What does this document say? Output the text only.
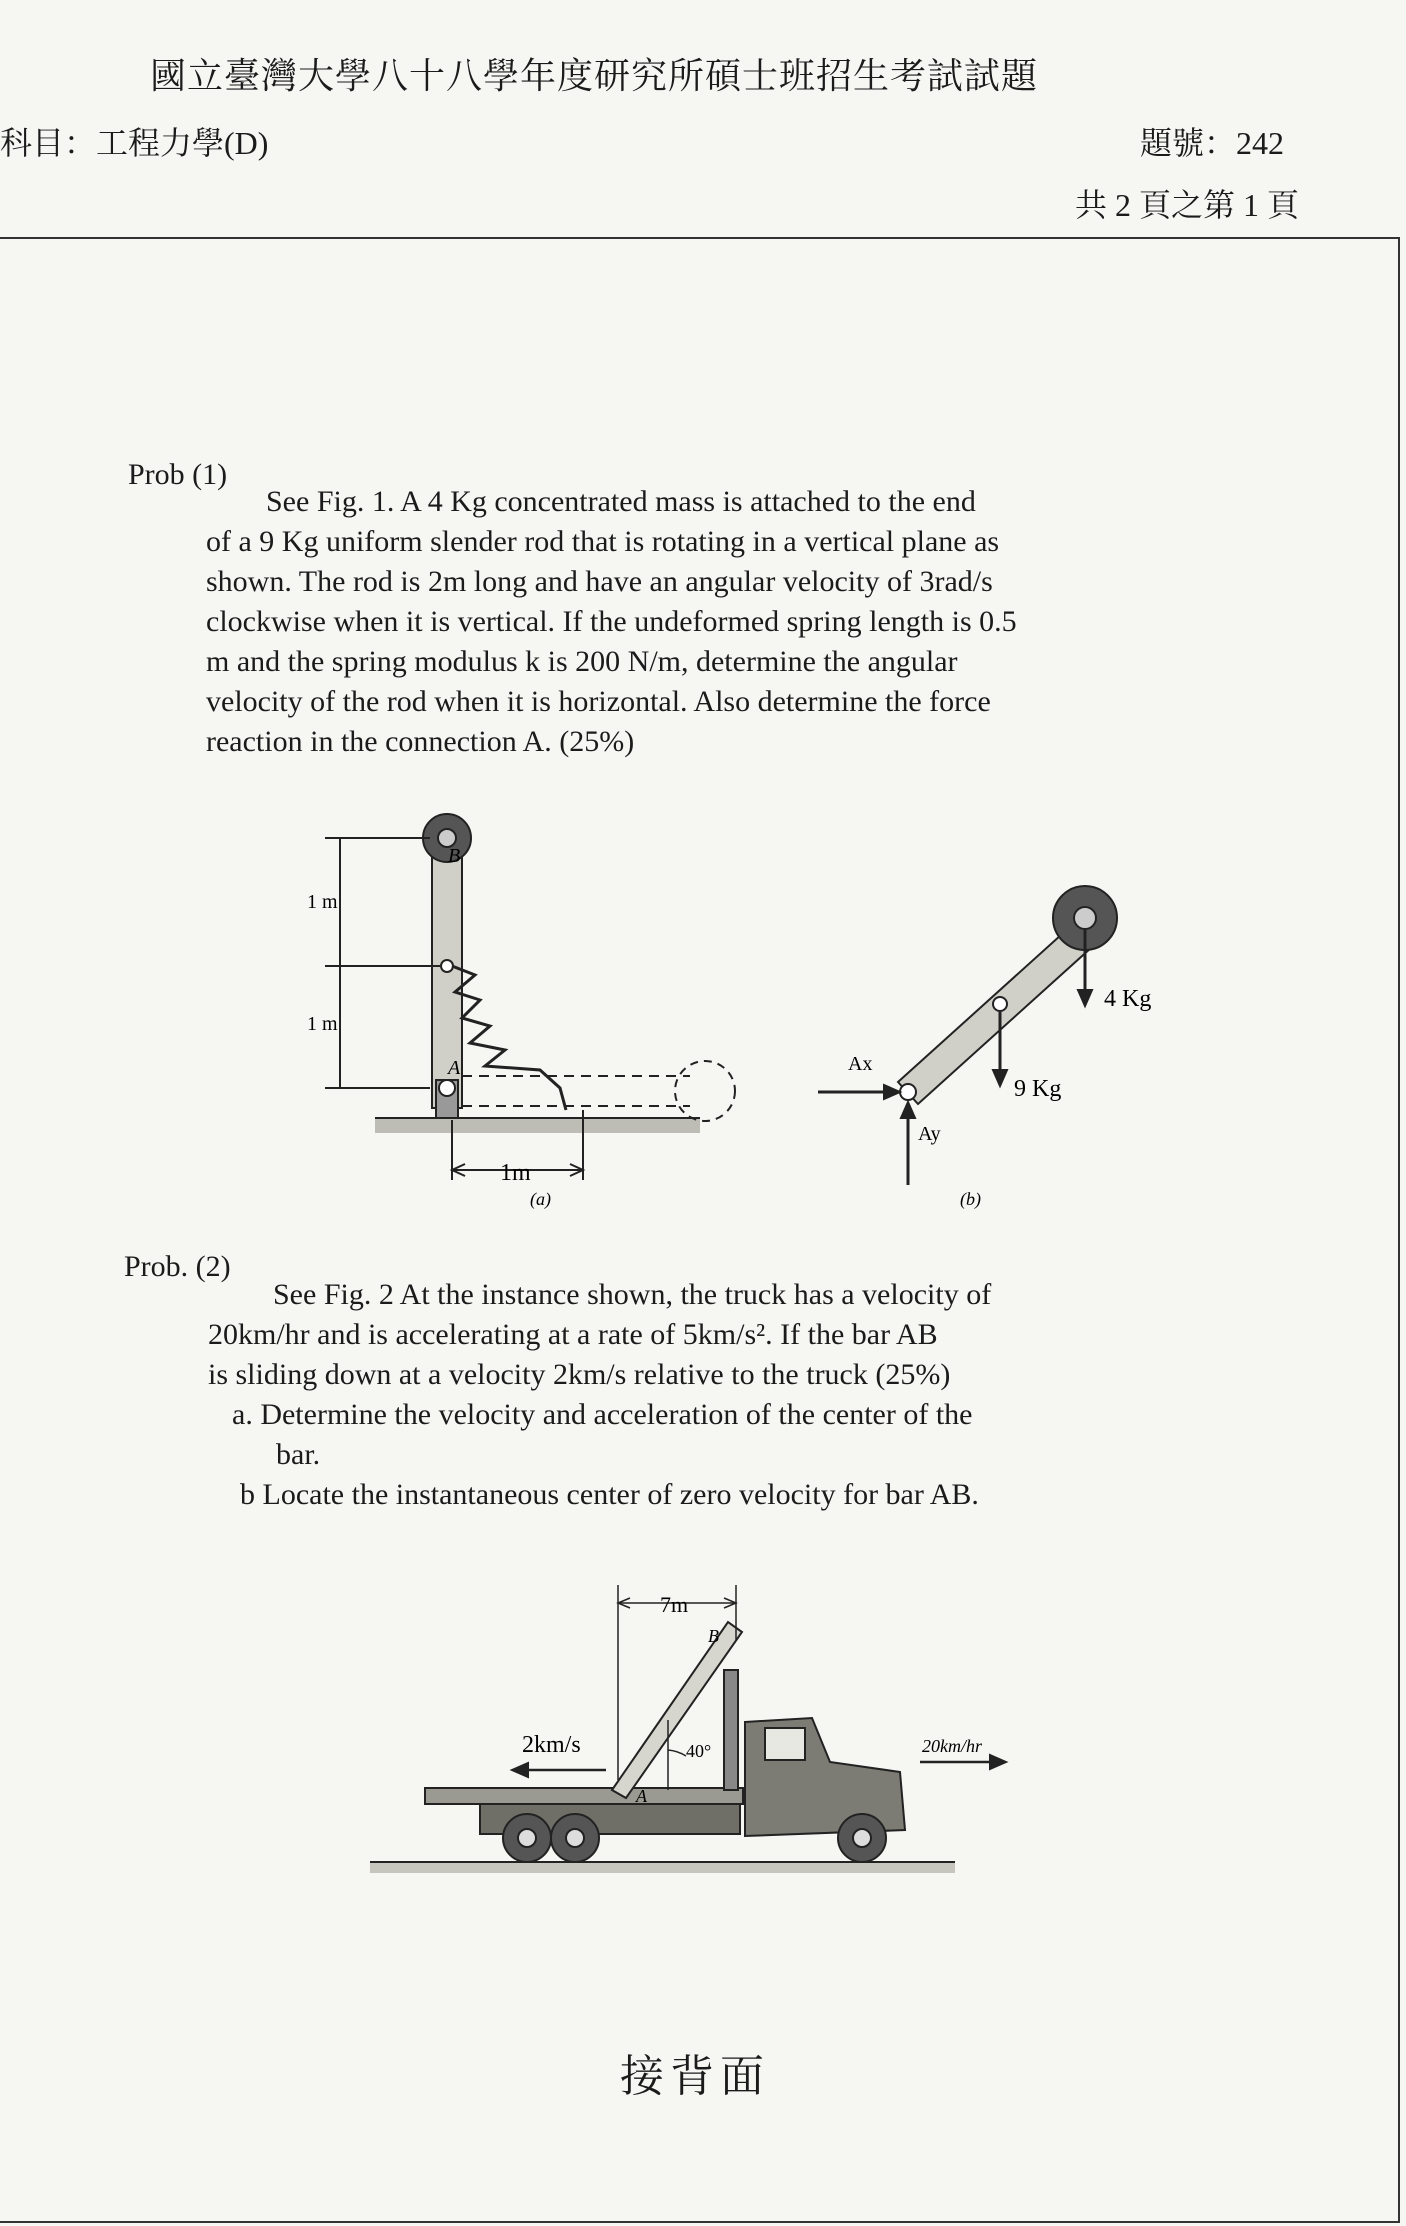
國立臺灣大學八十八學年度研究所碩士班招生考試試題
科目：工程力學(D)	題號：242
共 2 頁之第 1 頁
Prob (1)
See Fig. 1. A 4 Kg concentrated mass is attached to the end
of a 9 Kg uniform slender rod that is rotating in a vertical plane as
shown. The rod is 2m long and have an angular velocity of 3rad/s
clockwise when it is vertical. If the undeformed spring length is 0.5
m and the spring modulus k is 200 N/m, determine the angular
velocity of the rod when it is horizontal. Also determine the force
reaction in the connection A. (25%)
1 m
1 m
1m
B
A
(a)
Ax
Ay
9 Kg
4 Kg
(b)
Prob. (2)
See Fig. 2 At the instance shown, the truck has a velocity of
20km/hr and is accelerating at a rate of 5km/s². If the bar AB
is sliding down at a velocity 2km/s relative to the truck (25%)
a. Determine the velocity and acceleration of the center of the
bar.
b Locate the instantaneous center of zero velocity for bar AB.
7m
B
A
2km/s	40°	20km/hr
接背面
